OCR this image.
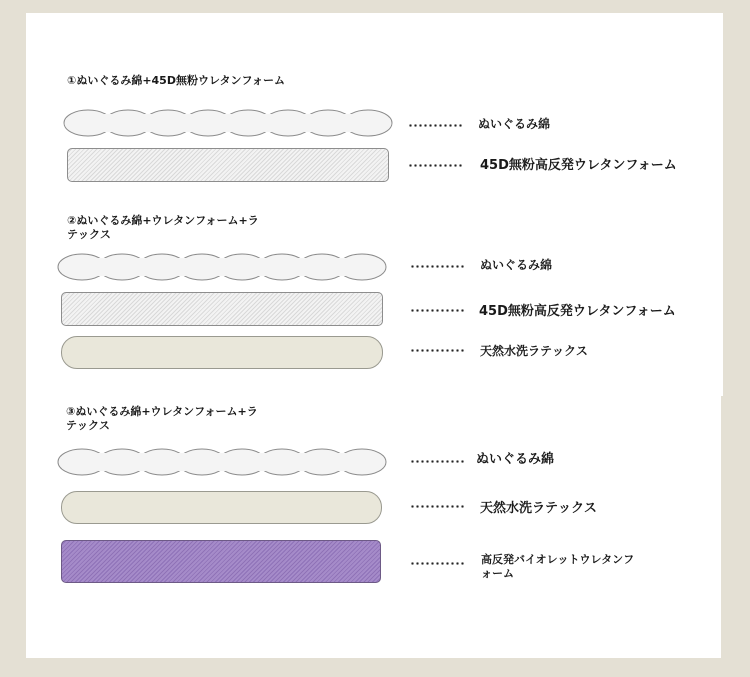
①ぬいぐるみ綿+45D無粉ウレタンフォーム
ぬいぐるみ綿
45D無粉高反発ウレタンフォーム
②ぬいぐるみ綿+ウレタンフォーム+ラ
テックス
ぬいぐるみ綿
45D無粉高反発ウレタンフォーム
天然水洗ラテックス
③ぬいぐるみ綿+ウレタンフォーム+ラ
テックス
ぬいぐるみ綿
天然水洗ラテックス
高反発バイオレットウレタンフ
ォーム
